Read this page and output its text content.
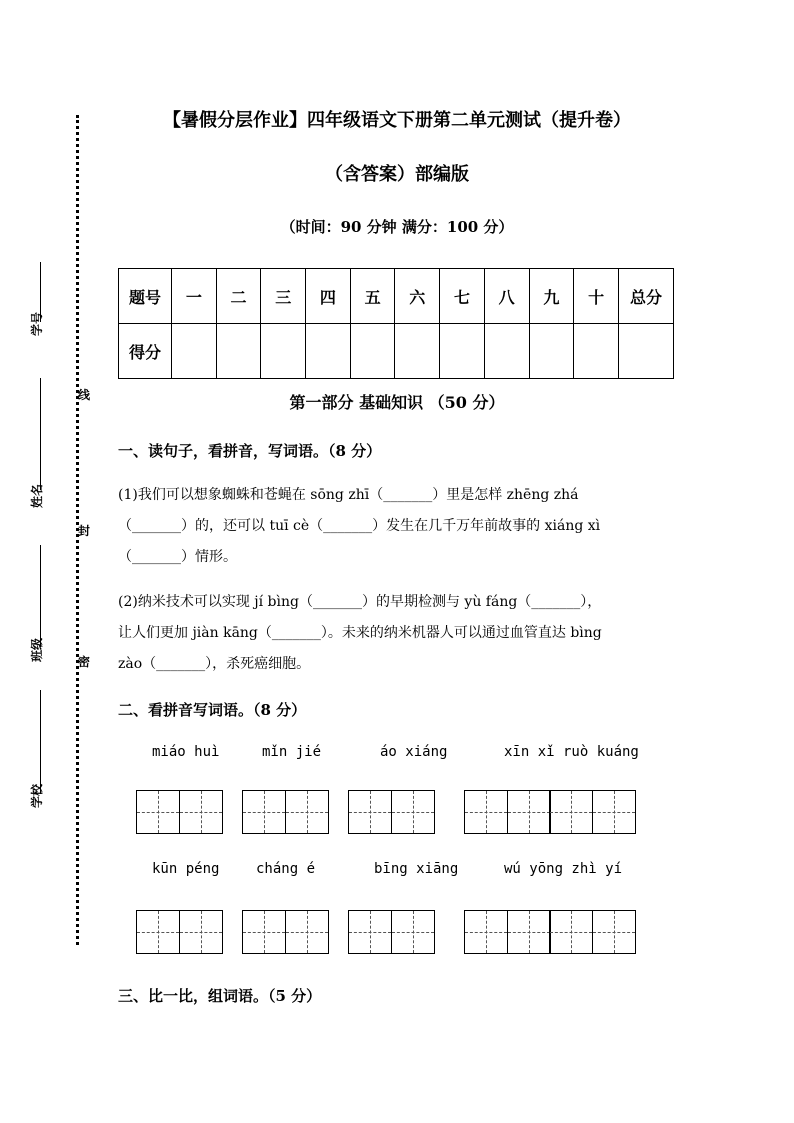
线
封
密
学号
姓名
班级
学校
【暑假分层作业】四年级语文下册第二单元测试（提升卷）
（含答案）部编版
（时间：90 分钟 满分：100 分）
题号	一	二	三	四	五	六	七	八	九	十	总分
得分											
第一部分 基础知识 （50 分）
一、读句子，看拼音，写词语。（8 分）
(1)我们可以想象蜘蛛和苍蝇在 sōng zhī（_______）里是怎样 zhēng zhá
（_______）的，还可以 tuī cè（_______）发生在几千万年前故事的 xiáng xì
（_______）情形。
(2)纳米技术可以实现 jí bìng（_______）的早期检测与 yù fáng（_______），
让人们更加 jiàn kāng（_______）。未来的纳米机器人可以通过血管直达 bìng
zào（_______），杀死癌细胞。
二、看拼音写词语。（8 分）
miáo huì	mǐn jié	áo xiáng	xīn xǐ ruò kuáng
kūn péng	cháng é	bīng xiāng	wú yōng zhì yí
三、比一比，组词语。（5 分）
